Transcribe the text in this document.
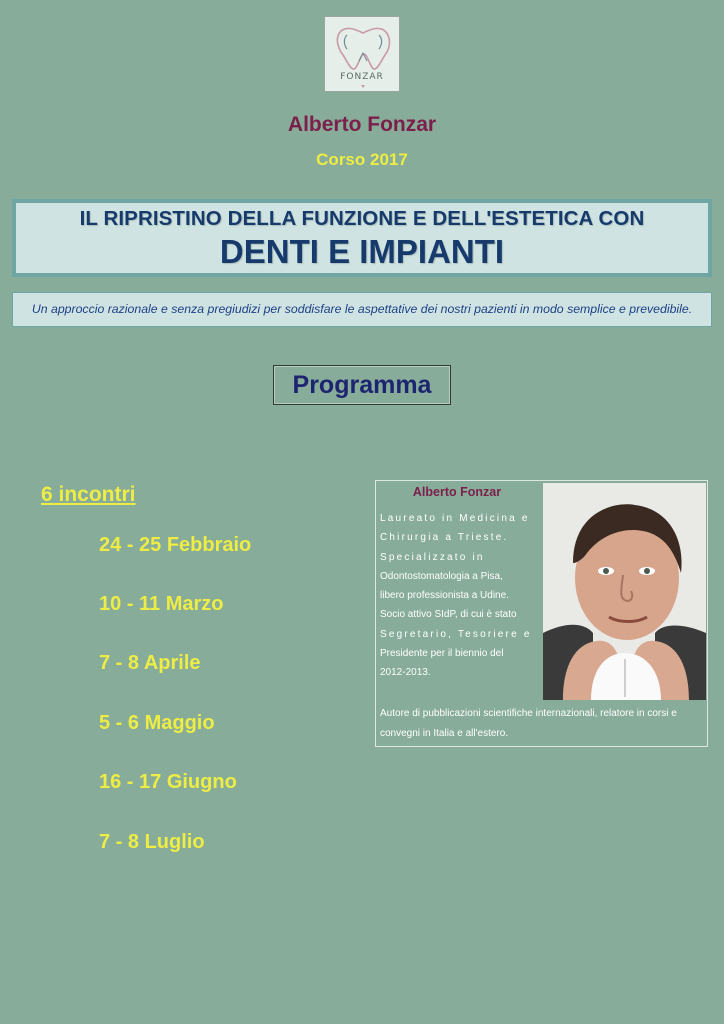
FONZAR
Alberto Fonzar
Corso 2017
IL RIPRISTINO DELLA FUNZIONE E DELL'ESTETICA CON
DENTI E IMPIANTI
Un approccio razionale e senza pregiudizi per soddisfare le aspettative dei nostri pazienti in modo semplice e prevedibile.
Programma
6 incontri
24 - 25 Febbraio
10 - 11 Marzo
7 - 8 Aprile
5 - 6 Maggio
16 - 17 Giugno
7 - 8 Luglio
Alberto Fonzar
Laureato in Medicina e
Chirurgia a Trieste.
Specializzato in
Odontostomatologia a Pisa,
libero professionista a Udine.
Socio attivo SIdP, di cui è stato
Segretario, Tesoriere e
Presidente per il biennio del
2012-2013.
Autore di pubblicazioni scientifiche internazionali, relatore in corsi e convegni in Italia e all'estero.
